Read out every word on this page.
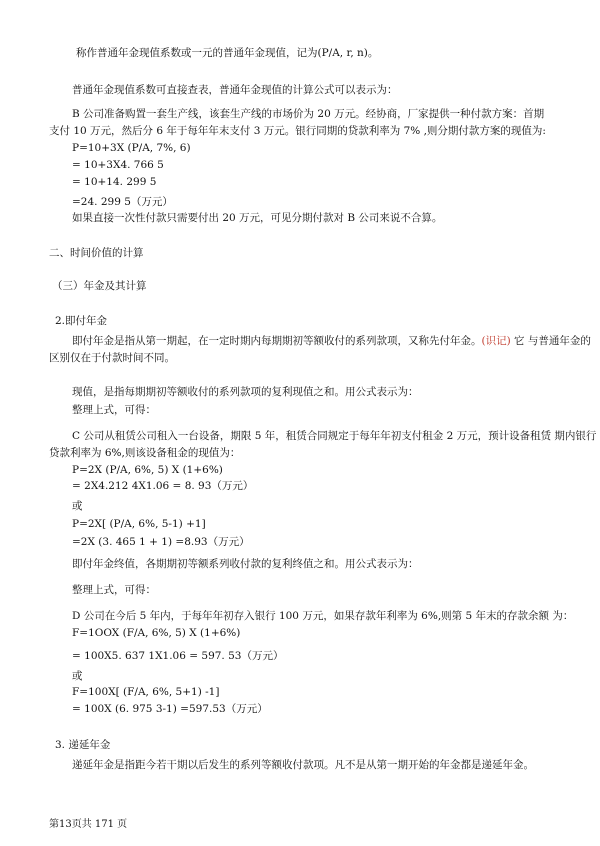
称作普通年金现值系数或一元的普通年金现值，记为(P/A, r, n)。
普通年金现值系数可直接查表，普通年金现值的计算公式可以表示为：
B 公司准备购置一套生产线，该套生产线的市场价为 20 万元。经协商，厂家提供一种付款方案：首期
支付 10 万元，然后分 6 年于每年年末支付 3 万元。银行同期的贷款利率为 7% ,则分期付款方案的现值为:
P=10+3X (P/A, 7%, 6)
= 10+3X4. 766 5
= 10+14. 299 5
=24. 299 5（万元）
如果直接一次性付款只需要付出 20 万元，可见分期付款对 B 公司来说不合算。
二、时间价值的计算
（三）年金及其计算
2.即付年金
即付年金是指从第一期起，在一定时期内每期期初等额收付的系列款项，又称先付年金。(识记) 它 与普通年金的
区别仅在于付款时间不同。
现值，是指每期期初等额收付的系列款项的复利现值之和。用公式表示为：
整理上式，可得：
C 公司从租赁公司租入一台设备，期限 5 年，租赁合同规定于每年年初支付租金 2 万元，预计设备租赁 期内银行
贷款利率为 6%,则该设备租金的现值为：
P=2X (P/A, 6%, 5) X (1+6%)
= 2X4.212 4X1.06 = 8. 93（万元）
或
P=2X[ (P/A, 6%, 5-1) +1]
=2X (3. 465 1 + 1) =8.93（万元）
即付年金终值，各期期初等额系列收付款的复利终值之和。用公式表示为：
整理上式，可得：
D 公司在今后 5 年内，于每年年初存入银行 100 万元，如果存款年利率为 6%,则第 5 年末的存款余额 为：
F=1OOX (F/A, 6%, 5) X (1+6%)
= 100X5. 637 1X1.06 = 597. 53（万元）
或
F=100X[ (F/A, 6%, 5+1) -1]
= 100X (6. 975 3-1) =597.53（万元）
3. 递延年金
递延年金是指距今若干期以后发生的系列等额收付款项。凡不是从第一期开始的年金都是递延年金。
第13页共 171 页
